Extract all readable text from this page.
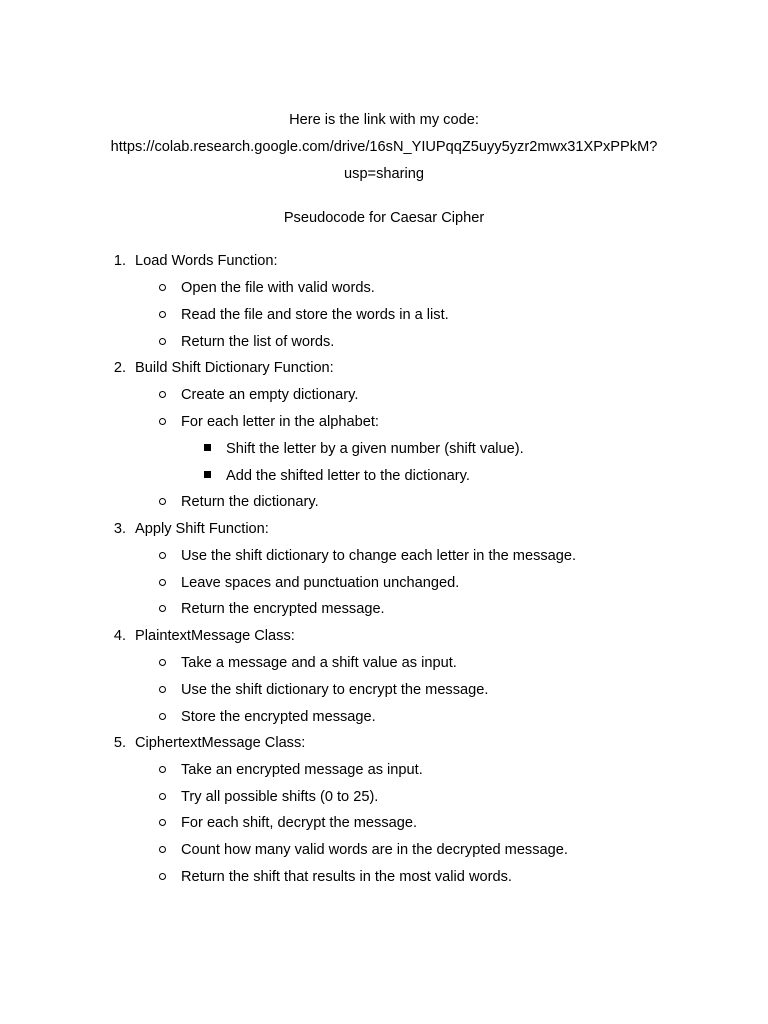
Here is the link with my code:
https://colab.research.google.com/drive/16sN_YIUPqqZ5uyy5yzr2mwx31XPxPPkM?
usp=sharing
Pseudocode for Caesar Cipher
1. Load Words Function:
Open the file with valid words.
Read the file and store the words in a list.
Return the list of words.
2. Build Shift Dictionary Function:
Create an empty dictionary.
For each letter in the alphabet:
Shift the letter by a given number (shift value).
Add the shifted letter to the dictionary.
Return the dictionary.
3. Apply Shift Function:
Use the shift dictionary to change each letter in the message.
Leave spaces and punctuation unchanged.
Return the encrypted message.
4. PlaintextMessage Class:
Take a message and a shift value as input.
Use the shift dictionary to encrypt the message.
Store the encrypted message.
5. CiphertextMessage Class:
Take an encrypted message as input.
Try all possible shifts (0 to 25).
For each shift, decrypt the message.
Count how many valid words are in the decrypted message.
Return the shift that results in the most valid words.
